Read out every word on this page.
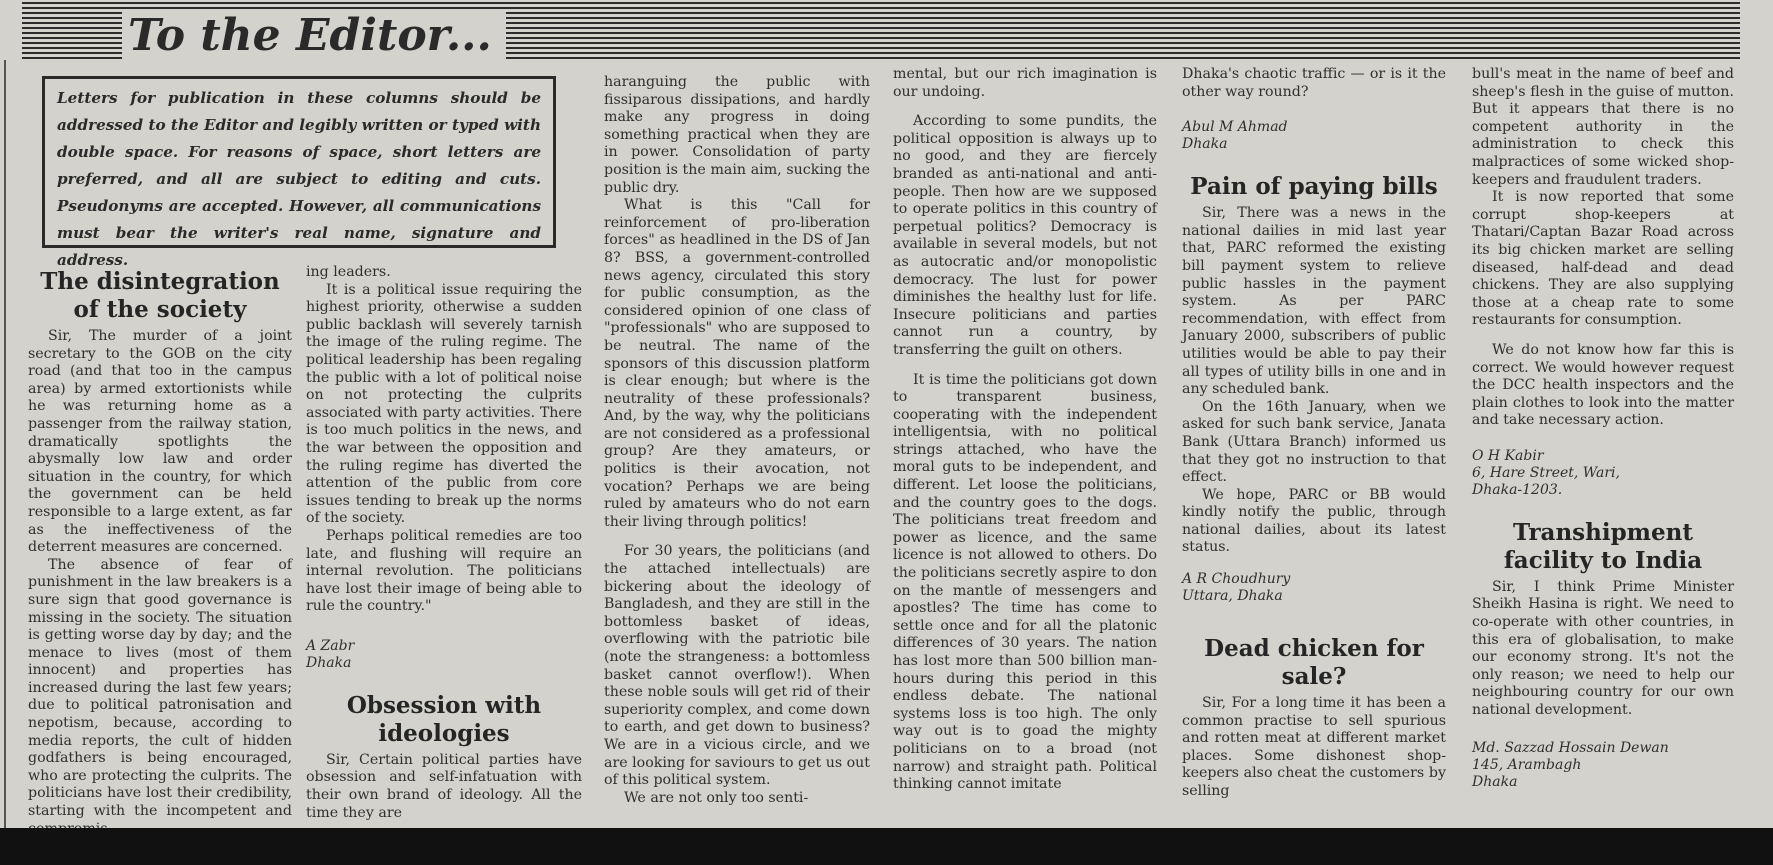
To the Editor...
Letters for publication in these columns should be addressed to the Editor and legibly written or typed with double space. For reasons of space, short letters are preferred, and all are subject to editing and cuts. Pseudonyms are accepted. However, all communications must bear the writer's real name, signature and address.
The disintegration of the society

Sir, The murder of a joint secretary to the GOB on the city road (and that too in the campus area) by armed extortionists while he was returning home as a passenger from the railway station, dramatically spotlights the abysmally low law and order situation in the country, for which the government can be held responsible to a large extent, as far as the ineffectiveness of the deterrent measures are concerned.

The absence of fear of punishment in the law breakers is a sure sign that good governance is missing in the society. The situation is getting worse day by day; and the menace to lives (most of them innocent) and properties has increased during the last few years; due to political patronisation and nepotism, because, according to media reports, the cult of hidden godfathers is being encouraged, who are protecting the culprits. The politicians have lost their credibility, starting with the incompetent and

ing leaders.

It is a political issue requiring the highest priority, otherwise a sudden public backlash will severely tarnish the image of the ruling regime. The political leadership has been regaling the public with a lot of political noise on not protecting the culprits associated with party activities. There is too much politics in the news, and the war between the opposition and the ruling regime has diverted the attention of the public from core issues tending to break up the norms of the society.

Perhaps political remedies are too late, and flushing will require an internal revolution. The politicians have lost their image of being able to rule the country."

A Zabr

Dhaka

Obsession with ideologies

Sir, Certain political parties have obsession and self-infatuation with their own brand of ideology. All the time they are

haranguing the public with fissiparous dissipations, and hardly make any progress in doing something practical when they are in power. Consolidation of party position is the main aim, sucking the public dry.

What is this "Call for reinforcement of pro-liberation forces" as headlined in the DS of Jan 8? BSS, a government-controlled news agency, circulated this story for public consumption, as the considered opinion of one class of "professionals" who are supposed to be neutral. The name of the sponsors of this discussion platform is clear enough; but where is the neutrality of these professionals? And, by the way, why the politicians are not considered as a professional group? Are they amateurs, or politics is their avocation, not vocation? Perhaps we are being ruled by amateurs who do not earn their living through politics!

For 30 years, the politicians (and the attached intellectuals) are bickering about the ideology of Bangladesh, and they are still in the bottomless basket of ideas, overflowing with the patriotic bile (note the strangeness: a bottomless basket cannot overflow!). When these noble souls will get rid of their superiority complex, and come down to earth, and get down to business? We are in a vicious circle, and we are looking for saviours to get us out of this political system.

We are not only too senti-

mental, but our rich imagination is our undoing.

According to some pundits, the political opposition is always up to no good, and they are fiercely branded as anti-national and anti-people. Then how are we supposed to operate politics in this country of perpetual politics? Democracy is available in several models, but not as autocratic and/or monopolistic democracy. The lust for power diminishes the healthy lust for life. Insecure politicians and parties cannot run a country, by transferring the guilt on others.

It is time the politicians got down to transparent business, cooperating with the independent intelligentsia, with no political strings attached, who have the moral guts to be independent, and different. Let loose the politicians, and the country goes to the dogs. The politicians treat freedom and power as licence, and the same licence is not allowed to others. Do the politicians secretly aspire to don on the mantle of messengers and apostles? The time has come to settle once and for all the platonic differences of 30 years. The nation has lost more than 500 billion man-hours during this period in this endless debate. The national systems loss is too high. The only way out is to goad the mighty politicians on to a broad (not narrow) and straight path. Political thinking cannot imitate

Dhaka's chaotic traffic — or is it the other way round?

Abul M Ahmad

Dhaka

Pain of paying bills

Sir, There was a news in the national dailies in mid last year that, PARC reformed the existing bill payment system to relieve public hassles in the payment system. As per PARC recommendation, with effect from January 2000, subscribers of public utilities would be able to pay their all types of utility bills in one and in any scheduled bank.

On the 16th January, when we asked for such bank service, Janata Bank (Uttara Branch) informed us that they got no instruction to that effect.

We hope, PARC or BB would kindly notify the public, through national dailies, about its latest status.

A R Choudhury

Uttara, Dhaka

Dead chicken for sale?

Sir, For a long time it has been a common practise to sell spurious and rotten meat at different market places. Some dishonest shop-keepers also cheat the customers by selling

bull's meat in the name of beef and sheep's flesh in the guise of mutton. But it appears that there is no competent authority in the administration to check this malpractices of some wicked shop-keepers and fraudulent traders.

It is now reported that some corrupt shop-keepers at Thatari/Captan Bazar Road across its big chicken market are selling diseased, half-dead and dead chickens. They are also supplying those at a cheap rate to some restaurants for consumption.

We do not know how far this is correct. We would however request the DCC health inspectors and the plain clothes to look into the matter and take necessary action.

O H Kabir

6, Hare Street, Wari,

Dhaka-1203.

Transhipment facility to India

Sir, I think Prime Minister Sheikh Hasina is right. We need to co-operate with other countries, in this era of globalisation, to make our economy strong. It's not the only reason; we need to help our neighbouring country for our own national development.

Md. Sazzad Hossain Dewan

145, Arambagh

Dhaka
